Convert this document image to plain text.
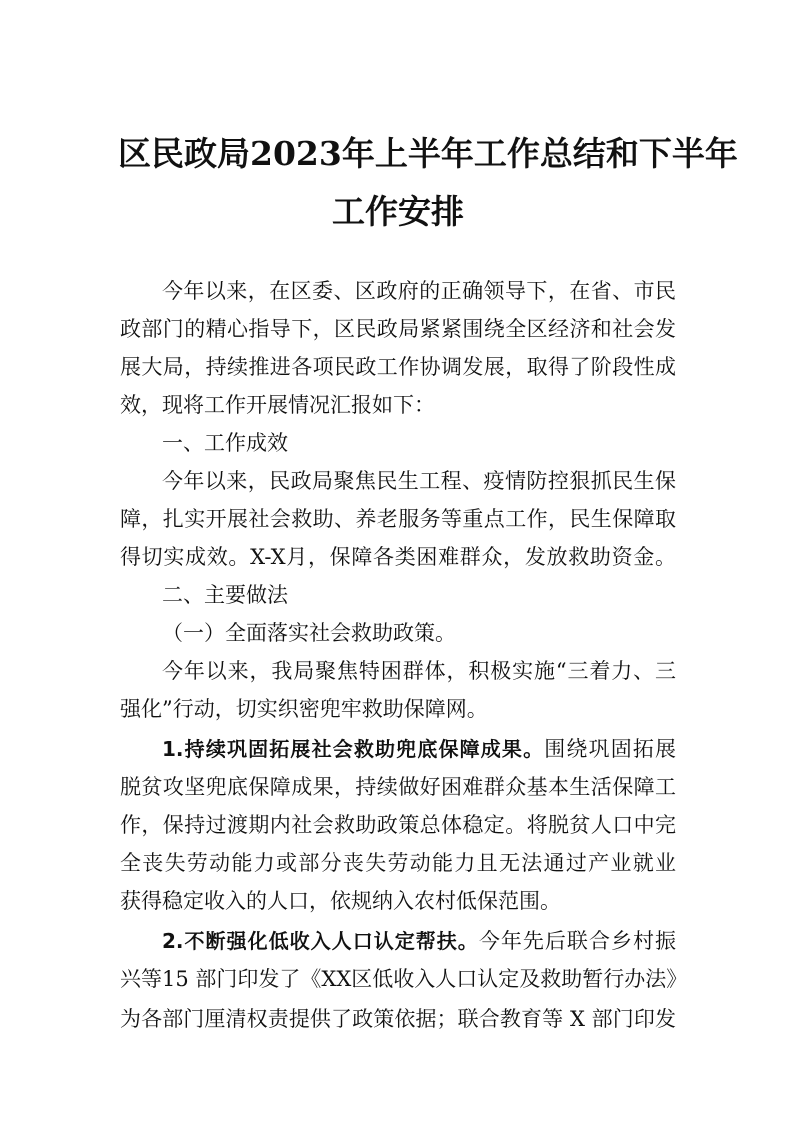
区民政局2023年上半年工作总结和下半年
工作安排

今年以来，在区委、区政府的正确领导下，在省、市民

政部门的精心指导下，区民政局紧紧围绕全区经济和社会发

展大局，持续推进各项民政工作协调发展，取得了阶段性成

效，现将工作开展情况汇报如下：

一、工作成效

今年以来，民政局聚焦民生工程、疫情防控狠抓民生保

障，扎实开展社会救助、养老服务等重点工作，民生保障取

得切实成效。X-X月，保障各类困难群众，发放救助资金。

二、主要做法

（一）全面落实社会救助政策。

今年以来，我局聚焦特困群体，积极实施“三着力、三

强化”行动，切实织密兜牢救助保障网。

1.持续巩固拓展社会救助兜底保障成果。围绕巩固拓展

脱贫攻坚兜底保障成果，持续做好困难群众基本生活保障工

作，保持过渡期内社会救助政策总体稳定。将脱贫人口中完

全丧失劳动能力或部分丧失劳动能力且无法通过产业就业

获得稳定收入的人口，依规纳入农村低保范围。

2.不断强化低收入人口认定帮扶。今年先后联合乡村振

兴等15 部门印发了《XX区低收入人口认定及救助暂行办法》

为各部门厘清权责提供了政策依据；联合教育等 X 部门印发
